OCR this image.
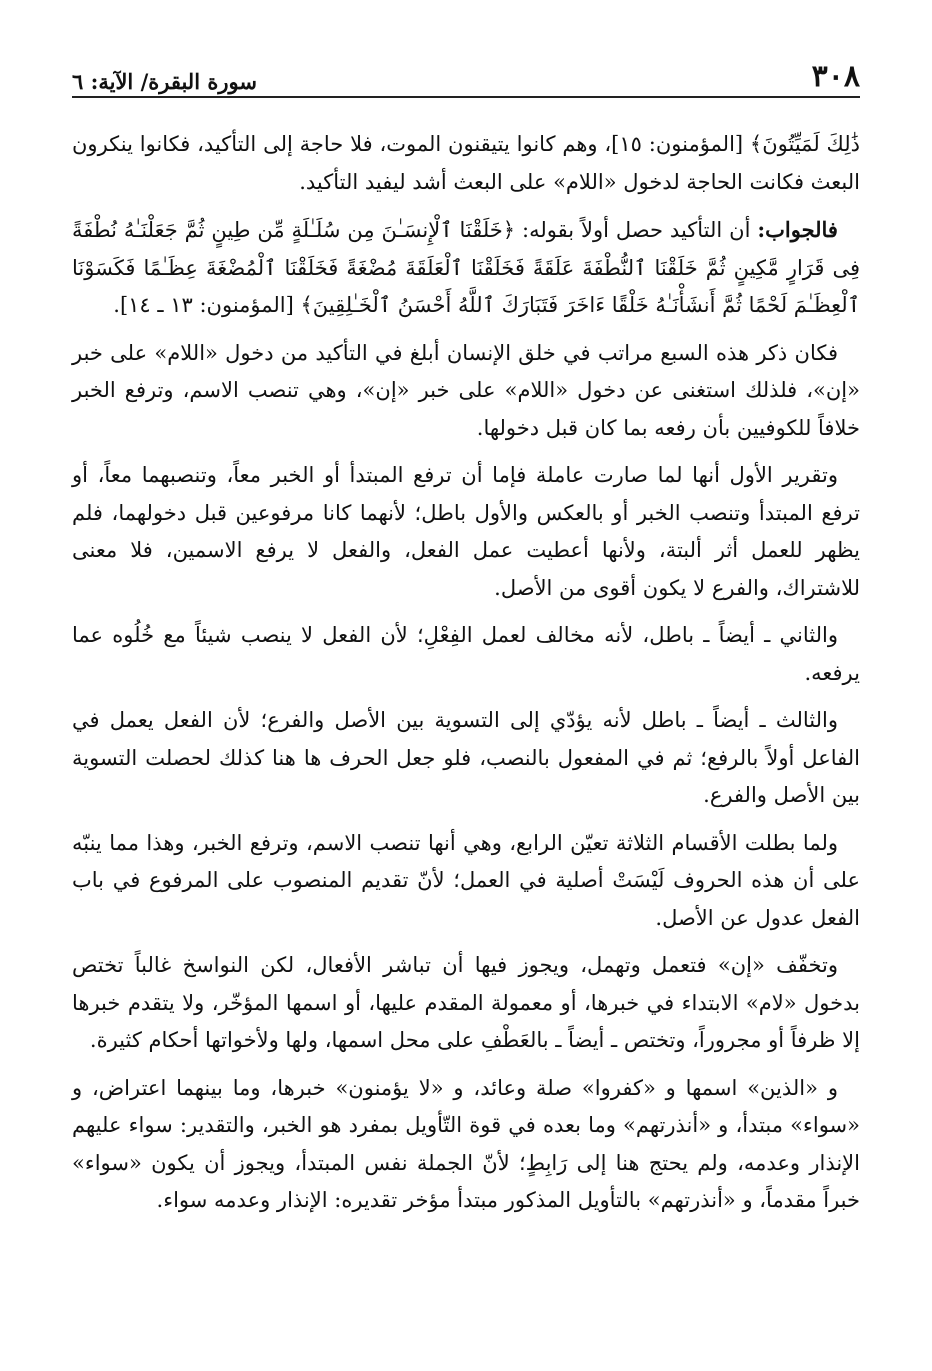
٣٠٨
سورة البقرة/ الآية: ٦

ذَٰلِكَ لَمَيِّتُونَ﴾ [المؤمنون: ١٥]، وهم كانوا يتيقنون الموت، فلا حاجة إلى التأكيد، فكانوا ينكرون البعث فكانت الحاجة لدخول «اللام» على البعث أشد ليفيد التأكيد.

فالجواب: أن التأكيد حصل أولاً بقوله: ﴿خَلَقْنَا ٱلْإِنسَـٰنَ مِن سُلَـٰلَةٍ مِّن طِينٍ ثُمَّ جَعَلْنَـٰهُ نُطْفَةً فِى قَرَارٍ مَّكِينٍ ثُمَّ خَلَقْنَا ٱلنُّطْفَةَ عَلَقَةً فَخَلَقْنَا ٱلْعَلَقَةَ مُضْغَةً فَخَلَقْنَا ٱلْمُضْغَةَ عِظَـٰمًا فَكَسَوْنَا ٱلْعِظَـٰمَ لَحْمًا ثُمَّ أَنشَأْنَـٰهُ خَلْقًا ءَاخَرَ فَتَبَارَكَ ٱللَّهُ أَحْسَنُ ٱلْخَـٰلِقِينَ﴾ [المؤمنون: ١٣ ـ ١٤].

فكان ذكر هذه السبع مراتب في خلق الإنسان أبلغ في التأكيد من دخول «اللام» على خبر «إن»، فلذلك استغنى عن دخول «اللام» على خبر «إن»، وهي تنصب الاسم، وترفع الخبر خلافاً للكوفيين بأن رفعه بما كان قبل دخولها.

وتقرير الأول أنها لما صارت عاملة فإما أن ترفع المبتدأ أو الخبر معاً، وتنصبهما معاً، أو ترفع المبتدأ وتنصب الخبر أو بالعكس والأول باطل؛ لأنهما كانا مرفوعين قبل دخولهما، فلم يظهر للعمل أثر ألبتة، ولأنها أعطيت عمل الفعل، والفعل لا يرفع الاسمين، فلا معنى للاشتراك، والفرع لا يكون أقوى من الأصل.

والثاني ـ أيضاً ـ باطل، لأنه مخالف لعمل الفِعْلِ؛ لأن الفعل لا ينصب شيئاً مع خُلُوه عما يرفعه.

والثالث ـ أيضاً ـ باطل لأنه يؤدّي إلى التسوية بين الأصل والفرع؛ لأن الفعل يعمل في الفاعل أولاً بالرفع؛ ثم في المفعول بالنصب، فلو جعل الحرف ها هنا كذلك لحصلت التسوية بين الأصل والفرع.

ولما بطلت الأقسام الثلاثة تعيّن الرابع، وهي أنها تنصب الاسم، وترفع الخبر، وهذا مما ينبّه على أن هذه الحروف لَيْسَتْ أصلية في العمل؛ لأنّ تقديم المنصوب على المرفوع في باب الفعل عدول عن الأصل.

وتخفّف «إن» فتعمل وتهمل، ويجوز فيها أن تباشر الأفعال، لكن النواسخ غالباً تختص بدخول «لام» الابتداء في خبرها، أو معمولة المقدم عليها، أو اسمها المؤخّر، ولا يتقدم خبرها إلا ظرفاً أو مجروراً، وتختص ـ أيضاً ـ بالعَطْفِ على محل اسمها، ولها ولأخواتها أحكام كثيرة.

و «الذين» اسمها و «كفروا» صلة وعائد، و «لا يؤمنون» خبرها، وما بينهما اعتراض، و «سواء» مبتدأ، و «أنذرتهم» وما بعده في قوة التّأويل بمفرد هو الخبر، والتقدير: سواء عليهم الإنذار وعدمه، ولم يحتج هنا إلى رَابِطٍ؛ لأنّ الجملة نفس المبتدأ، ويجوز أن يكون «سواء» خبراً مقدماً، و «أنذرتهم» بالتأويل المذكور مبتدأ مؤخر تقديره: الإنذار وعدمه سواء.
